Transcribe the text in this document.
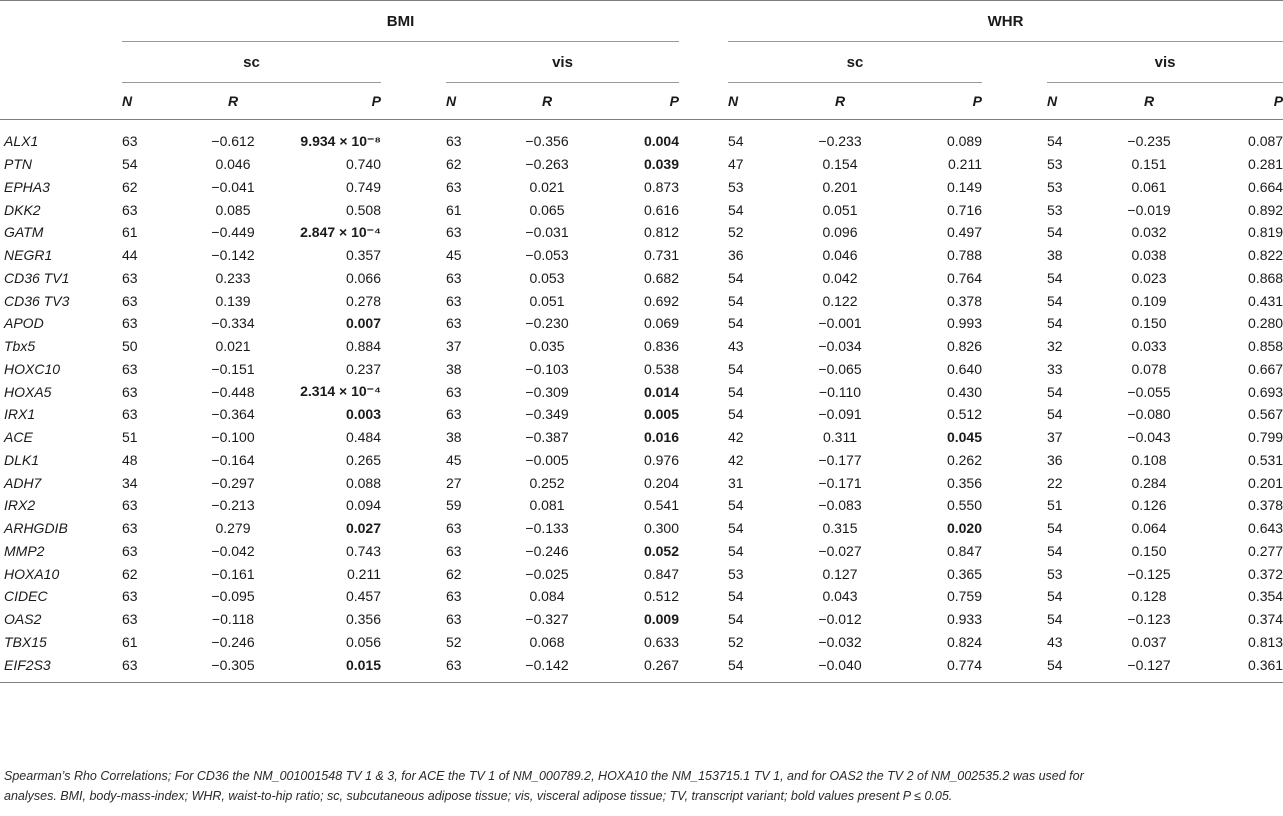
	BMI								WHR						
	sc				vis				sc				vis		
	N	R	P		N	R	P		N	R	P		N	R	P
ALX1	63	−0.612	9.934 × 10⁻⁸		63	−0.356	0.004		54	−0.233	0.089		54	−0.235	0.087
PTN	54	0.046	0.740		62	−0.263	0.039		47	0.154	0.211		53	0.151	0.281
EPHA3	62	−0.041	0.749		63	0.021	0.873		53	0.201	0.149		53	0.061	0.664
DKK2	63	0.085	0.508		61	0.065	0.616		54	0.051	0.716		53	−0.019	0.892
GATM	61	−0.449	2.847 × 10⁻⁴		63	−0.031	0.812		52	0.096	0.497		54	0.032	0.819
NEGR1	44	−0.142	0.357		45	−0.053	0.731		36	0.046	0.788		38	0.038	0.822
CD36 TV1	63	0.233	0.066		63	0.053	0.682		54	0.042	0.764		54	0.023	0.868
CD36 TV3	63	0.139	0.278		63	0.051	0.692		54	0.122	0.378		54	0.109	0.431
APOD	63	−0.334	0.007		63	−0.230	0.069		54	−0.001	0.993		54	0.150	0.280
Tbx5	50	0.021	0.884		37	0.035	0.836		43	−0.034	0.826		32	0.033	0.858
HOXC10	63	−0.151	0.237		38	−0.103	0.538		54	−0.065	0.640		33	0.078	0.667
HOXA5	63	−0.448	2.314 × 10⁻⁴		63	−0.309	0.014		54	−0.110	0.430		54	−0.055	0.693
IRX1	63	−0.364	0.003		63	−0.349	0.005		54	−0.091	0.512		54	−0.080	0.567
ACE	51	−0.100	0.484		38	−0.387	0.016		42	0.311	0.045		37	−0.043	0.799
DLK1	48	−0.164	0.265		45	−0.005	0.976		42	−0.177	0.262		36	0.108	0.531
ADH7	34	−0.297	0.088		27	0.252	0.204		31	−0.171	0.356		22	0.284	0.201
IRX2	63	−0.213	0.094		59	0.081	0.541		54	−0.083	0.550		51	0.126	0.378
ARHGDIB	63	0.279	0.027		63	−0.133	0.300		54	0.315	0.020		54	0.064	0.643
MMP2	63	−0.042	0.743		63	−0.246	0.052		54	−0.027	0.847		54	0.150	0.277
HOXA10	62	−0.161	0.211		62	−0.025	0.847		53	0.127	0.365		53	−0.125	0.372
CIDEC	63	−0.095	0.457		63	0.084	0.512		54	0.043	0.759		54	0.128	0.354
OAS2	63	−0.118	0.356		63	−0.327	0.009		54	−0.012	0.933		54	−0.123	0.374
TBX15	61	−0.246	0.056		52	0.068	0.633		52	−0.032	0.824		43	0.037	0.813
EIF2S3	63	−0.305	0.015		63	−0.142	0.267		54	−0.040	0.774		54	−0.127	0.361
Spearman’s Rho Correlations; For CD36 the NM_001001548 TV 1 & 3, for ACE the TV 1 of NM_000789.2, HOXA10 the NM_153715.1 TV 1, and for OAS2 the TV 2 of NM_002535.2 was used for analyses. BMI, body-mass-index; WHR, waist-to-hip ratio; sc, subcutaneous adipose tissue; vis, visceral adipose tissue; TV, transcript variant; bold values present P ≤ 0.05.
